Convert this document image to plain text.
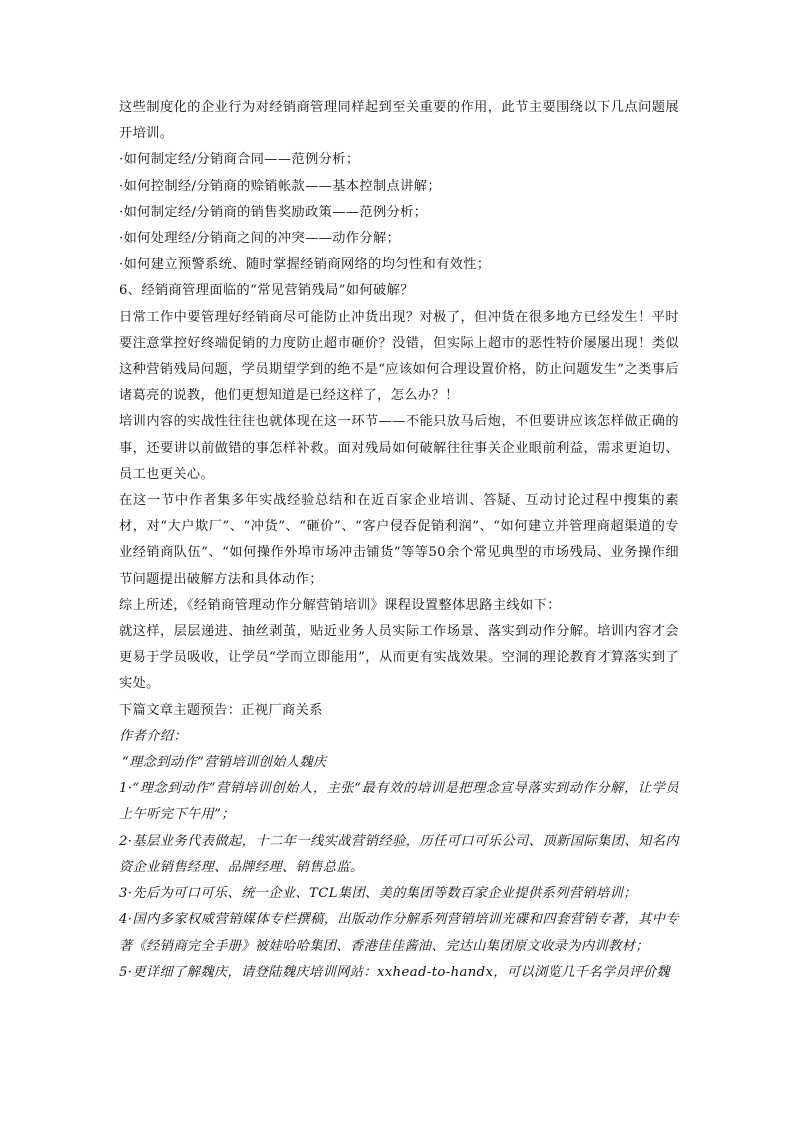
这些制度化的企业行为对经销商管理同样起到至关重要的作用，此节主要围绕以下几点问题展开培训。

·如何制定经/分销商合同——范例分析；

·如何控制经/分销商的赊销帐款——基本控制点讲解；

·如何制定经/分销商的销售奖励政策——范例分析；

·如何处理经/分销商之间的冲突——动作分解；

·如何建立预警系统、随时掌握经销商网络的均匀性和有效性；

6、经销商管理面临的“常见营销残局”如何破解？

日常工作中要管理好经销商尽可能防止冲货出现？对极了，但冲货在很多地方已经发生！平时要注意掌控好终端促销的力度防止超市砸价？没错，但实际上超市的恶性特价屡屡出现！类似这种营销残局问题，学员期望学到的绝不是“应该如何合理设置价格，防止问题发生”之类事后诸葛亮的说教，他们更想知道是已经这样了，怎么办？！

培训内容的实战性往往也就体现在这一环节——不能只放马后炮，不但要讲应该怎样做正确的事，还要讲以前做错的事怎样补救。面对残局如何破解往往事关企业眼前利益，需求更迫切、员工也更关心。

在这一节中作者集多年实战经验总结和在近百家企业培训、答疑、互动讨论过程中搜集的素材，对“大户欺厂”、“冲货”、“砸价”、“客户侵吞促销利润”、“如何建立并管理商超渠道的专业经销商队伍”、“如何操作外埠市场冲击铺货”等等50余个常见典型的市场残局、业务操作细节问题提出破解方法和具体动作；

综上所述，《经销商管理动作分解营销培训》课程设置整体思路主线如下：

就这样，层层递进、抽丝剥茧，贴近业务人员实际工作场景、落实到动作分解。培训内容才会更易于学员吸收，让学员“学而立即能用”，从而更有实战效果。空洞的理论教育才算落实到了实处。

下篇文章主题预告：正视厂商关系

作者介绍：

“理念到动作”营销培训创始人魏庆

1·“理念到动作”营销培训创始人，主张“最有效的培训是把理念宣导落实到动作分解，让学员上午听完下午用”；

2·基层业务代表做起，十二年一线实战营销经验，历任可口可乐公司、顶新国际集团、知名内资企业销售经理、品牌经理、销售总监。

3·先后为可口可乐、统一企业、TCL集团、美的集团等数百家企业提供系列营销培训；

4·国内多家权威营销媒体专栏撰稿，出版动作分解系列营销培训光碟和四套营销专著，其中专著《经销商完全手册》被娃哈哈集团、香港佳佳酱油、完达山集团原文收录为内训教材；

5·更详细了解魏庆，请登陆魏庆培训网站：xxhead-to-handx，可以浏览几千名学员评价魏
